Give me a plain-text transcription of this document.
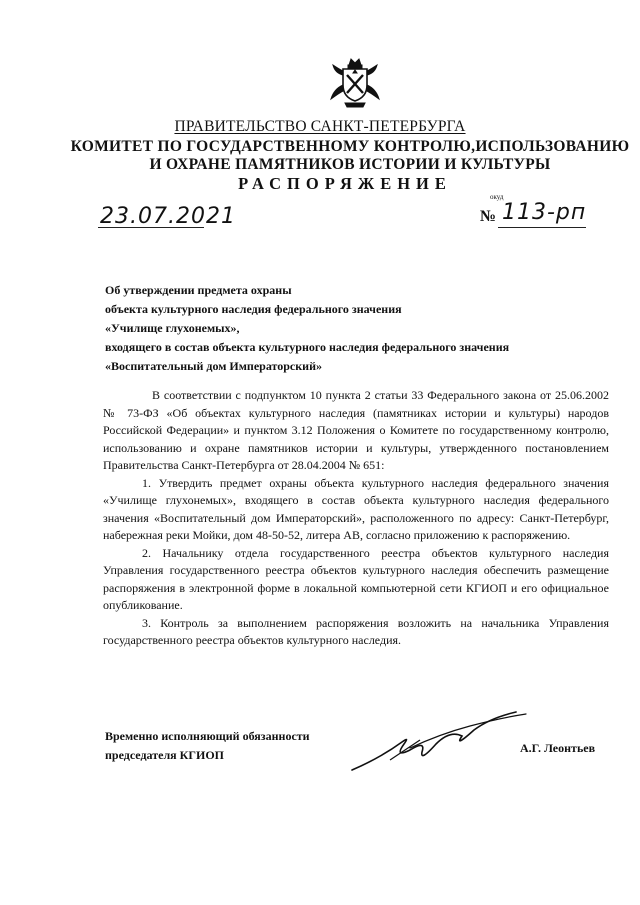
ПРАВИТЕЛЬСТВО САНКТ-ПЕТЕРБУРГА
КОМИТЕТ ПО ГОСУДАРСТВЕННОМУ КОНТРОЛЮ,ИСПОЛЬЗОВАНИЮ
И ОХРАНЕ ПАМЯТНИКОВ ИСТОРИИ И КУЛЬТУРЫ
РАСПОРЯЖЕНИЕ
окуд
23.07.2021	№ 113-рп
Об утверждении предмета охраны
объекта культурного наследия федерального значения
«Училище глухонемых»,
входящего в состав объекта культурного наследия федерального значения
«Воспитательный дом Императорский»

В соответствии с подпунктом 10 пункта 2 статьи 33 Федерального закона от 25.06.2002 № 73-ФЗ «Об объектах культурного наследия (памятниках истории и культуры) народов Российской Федерации» и пунктом 3.12 Положения о Комитете по государственному контролю, использованию и охране памятников истории и культуры, утвержденного постановлением Правительства Санкт-Петербурга от 28.04.2004 № 651:

1. Утвердить предмет охраны объекта культурного наследия федерального значения «Училище глухонемых», входящего в состав объекта культурного наследия федерального значения «Воспитательный дом Императорский», расположенного по адресу: Санкт-Петербург, набережная реки Мойки, дом 48-50-52, литера АВ, согласно приложению к распоряжению.

2. Начальнику отдела государственного реестра объектов культурного наследия Управления государственного реестра объектов культурного наследия обеспечить размещение распоряжения в электронной форме в локальной компьютерной сети КГИОП и его официальное опубликование.

3. Контроль за выполнением распоряжения возложить на начальника Управления государственного реестра объектов культурного наследия.

Временно исполняющий обязанности
председателя КГИОП	А.Г. Леонтьев
